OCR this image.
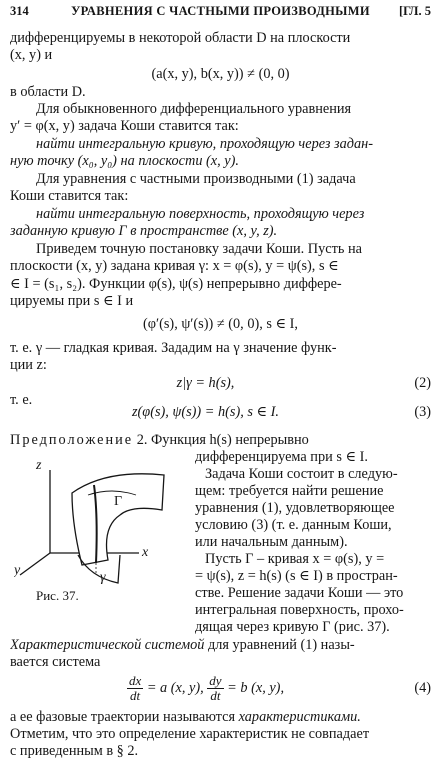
314	УРАВНЕНИЯ С ЧАСТНЫМИ ПРОИЗВОДНЫМИ	[ГЛ. 5
дифференцируемы в некоторой области D на плоскости
(x, y) и
(a(x, y), b(x, y)) ≠ (0, 0)
в области D.
Для обыкновенного дифференциального уравнения
y′ = φ(x, y) задача Коши ставится так:
найти интегральную кривую, проходящую через задан-
ную точку (x₀, y₀) на плоскости (x, y).
Для уравнения с частными производными (1) задача
Коши ставится так:
найти интегральную поверхность, проходящую через
заданную кривую Γ в пространстве (x, y, z).
Приведем точную постановку задачи Коши. Пусть на
плоскости (x, y) задана кривая γ: x = φ(s), y = ψ(s), s ∈
∈ I = (s₁, s₂). Функции φ(s), ψ(s) непрерывно диффере-
цируемы при s ∈ I и
(φ′(s), ψ′(s)) ≠ (0, 0), s ∈ I,
т. е. γ — гладкая кривая. Зададим на γ значение функ-
ции z:
z|γ = h(s),	(2)
т. е.
z(φ(s), ψ(s)) = h(s), s ∈ I.	(3)
Предположение 2. Функция h(s) непрерывно
дифференцируема при s ∈ I.
Задача Коши состоит в следую-
щем: требуется найти решение
уравнения (1), удовлетворяющее
условию (3) (т. е. данным Коши,
или начальным данным).
Пусть Γ – кривая x = φ(s), y =
= ψ(s), z = h(s) (s ∈ I) в простран-
стве. Решение задачи Коши — это
интегральная поверхность, прохо-
дящая через кривую Γ (рис. 37).
z
x
y
Γ
γ
Рис. 37.
Характеристической системой для уравнений (1) назы-
вается система
$\frac{dx}{dt} = a$ (x, y), $\frac{dy}{dt} = b$ (x, y),	(4)
а ее фазовые траектории называются характеристиками.
Отметим, что это определение характеристик не совпадает
с приведенным в § 2.
